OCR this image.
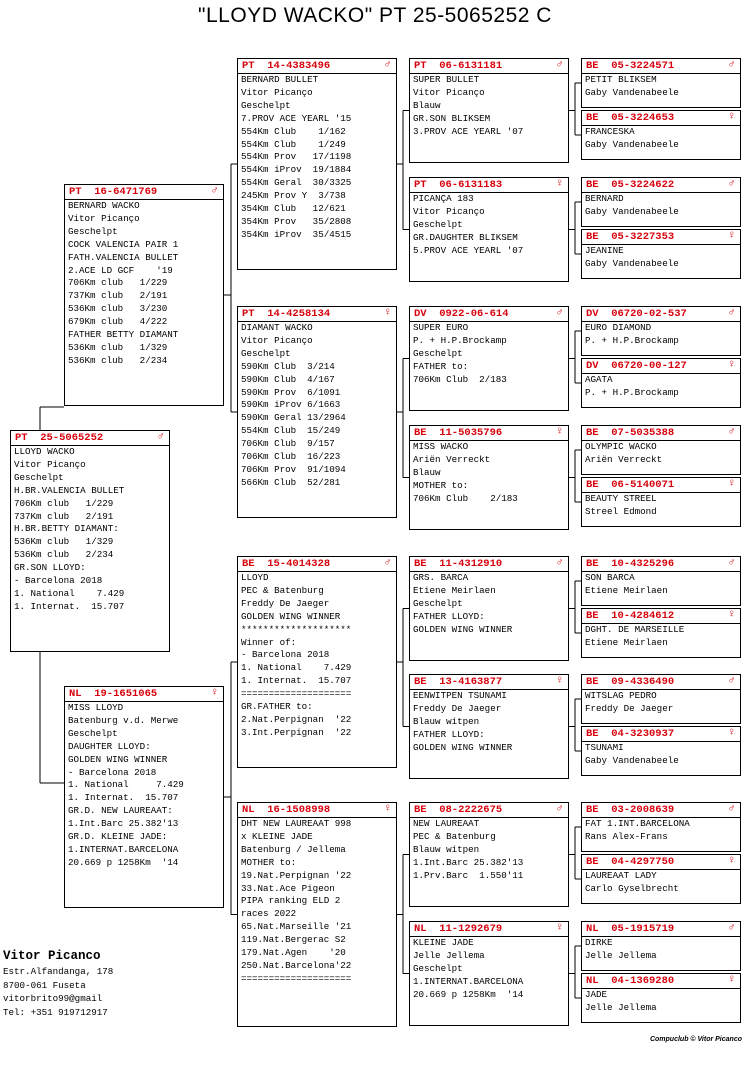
"LLOYD WACKO" PT 25-5065252 C
PT  25-5065252	♂
LLOYD WACKO
Vitor Picanço
Geschelpt
H.BR.VALENCIA BULLET
706Km club   1/229
737Km club   2/191
H.BR.BETTY DIAMANT:
536Km club   1/329
536Km club   2/234
GR.SON LLOYD:
- Barcelona 2018
1. National    7.429
1. Internat.  15.707
PT  16-6471769	♂
BERNARD WACKO
Vitor Picanço
Geschelpt
COCK VALENCIA PAIR 1
FATH.VALENCIA BULLET
2.ACE LD GCF    '19
706Km club   1/229
737Km club   2/191
536Km club   3/230
679Km club   4/222
FATHER BETTY DIAMANT
536Km club   1/329
536Km club   2/234
NL  19-1651065	♀
MISS LLOYD
Batenburg v.d. Merwe
Geschelpt
DAUGHTER LLOYD:
GOLDEN WING WINNER
- Barcelona 2018
1. National     7.429
1. Internat.  15.707
GR.D. NEW LAUREAAT:
1.Int.Barc 25.382'13
GR.D. KLEINE JADE:
1.INTERNAT.BARCELONA
20.669 p 1258Km  '14
PT  14-4383496	♂
BERNARD BULLET
Vitor Picanço
Geschelpt
7.PROV ACE YEARL '15
554Km Club    1/162
554Km Club    1/249
554Km Prov   17/1198
554Km iProv  19/1884
554Km Geral  30/3325
245Km Prov Y  3/738
354Km Club   12/621
354Km Prov   35/2808
354Km iProv  35/4515
PT  14-4258134	♀
DIAMANT WACKO
Vitor Picanço
Geschelpt
590Km Club  3/214
590Km Club  4/167
590Km Prov  6/1091
590Km iProv 6/1663
590Km Geral 13/2964
554Km Club  15/249
706Km Club  9/157
706Km Club  16/223
706Km Prov  91/1094
566Km Club  52/281
BE  15-4014328	♂
LLOYD
PEC & Batenburg
Freddy De Jaeger
GOLDEN WING WINNER
********************
Winner of:
- Barcelona 2018
1. National    7.429
1. Internat.  15.707
====================
GR.FATHER to:
2.Nat.Perpignan  '22
3.Int.Perpignan  '22
NL  16-1508998	♀
DHT NEW LAUREAAT 998
x KLEINE JADE
Batenburg / Jellema
MOTHER to:
19.Nat.Perpignan '22
33.Nat.Ace Pigeon
PIPA ranking ELD 2
races 2022
65.Nat.Marseille '21
119.Nat.Bergerac S2
179.Nat.Agen    '20
250.Nat.Barcelona'22
====================
PT  06-6131181	♂
SUPER BULLET
Vitor Picanço
Blauw
GR.SON BLIKSEM
3.PROV ACE YEARL '07
PT  06-6131183	♀
PICANÇA 183
Vitor Picanço
Geschelpt
GR.DAUGHTER BLIKSEM
5.PROV ACE YEARL '07
DV  0922-06-614	♂
SUPER EURO
P. + H.P.Brockamp
Geschelpt
FATHER to:
706Km Club  2/183
BE  11-5035796	♀
MISS WACKO
Ariën Verreckt
Blauw
MOTHER to:
706Km Club    2/183
BE  11-4312910	♂
GRS. BARCA
Etiene Meirlaen
Geschelpt
FATHER LLOYD:
GOLDEN WING WINNER
BE  13-4163877	♀
EENWITPEN TSUNAMI
Freddy De Jaeger
Blauw witpen
FATHER LLOYD:
GOLDEN WING WINNER
BE  08-2222675	♂
NEW LAUREAAT
PEC & Batenburg
Blauw witpen
1.Int.Barc 25.382'13
1.Prv.Barc  1.550'11
NL  11-1292679	♀
KLEINE JADE
Jelle Jellema
Geschelpt
1.INTERNAT.BARCELONA
20.669 p 1258Km  '14
BE  05-3224571	♂
PETIT BLIKSEM
Gaby Vandenabeele
BE  05-3224653	♀
FRANCESKA
Gaby Vandenabeele
BE  05-3224622	♂
BERNARD
Gaby Vandenabeele
BE  05-3227353	♀
JEANINE
Gaby Vandenabeele
DV  06720-02-537	♂
EURO DIAMOND
P. + H.P.Brockamp
DV  06720-00-127	♀
AGATA
P. + H.P.Brockamp
BE  07-5035388	♂
OLYMPIC WACKO
Ariën Verreckt
BE  06-5140071	♀
BEAUTY STREEL
Streel Edmond
BE  10-4325296	♂
SON BARCA
Etiene Meirlaen
BE  10-4284612	♀
DGHT. DE MARSEILLE
Etiene Meirlaen
BE  09-4336490	♂
WITSLAG PEDRO
Freddy De Jaeger
BE  04-3230937	♀
TSUNAMI
Gaby Vandenabeele
BE  03-2008639	♂
FAT 1.INT.BARCELONA
Rans Alex-Frans
BE  04-4297750	♀
LAUREAAT LADY
Carlo Gyselbrecht
NL  05-1915719	♂
DIRKE
Jelle Jellema
NL  04-1369280	♀
JADE
Jelle Jellema
Vitor Picanco
Estr.Alfandanga, 178
8700-061 Fuseta
vitorbrito99@gmail
Tel: +351 919712917
Compuclub © Vitor Picanco
